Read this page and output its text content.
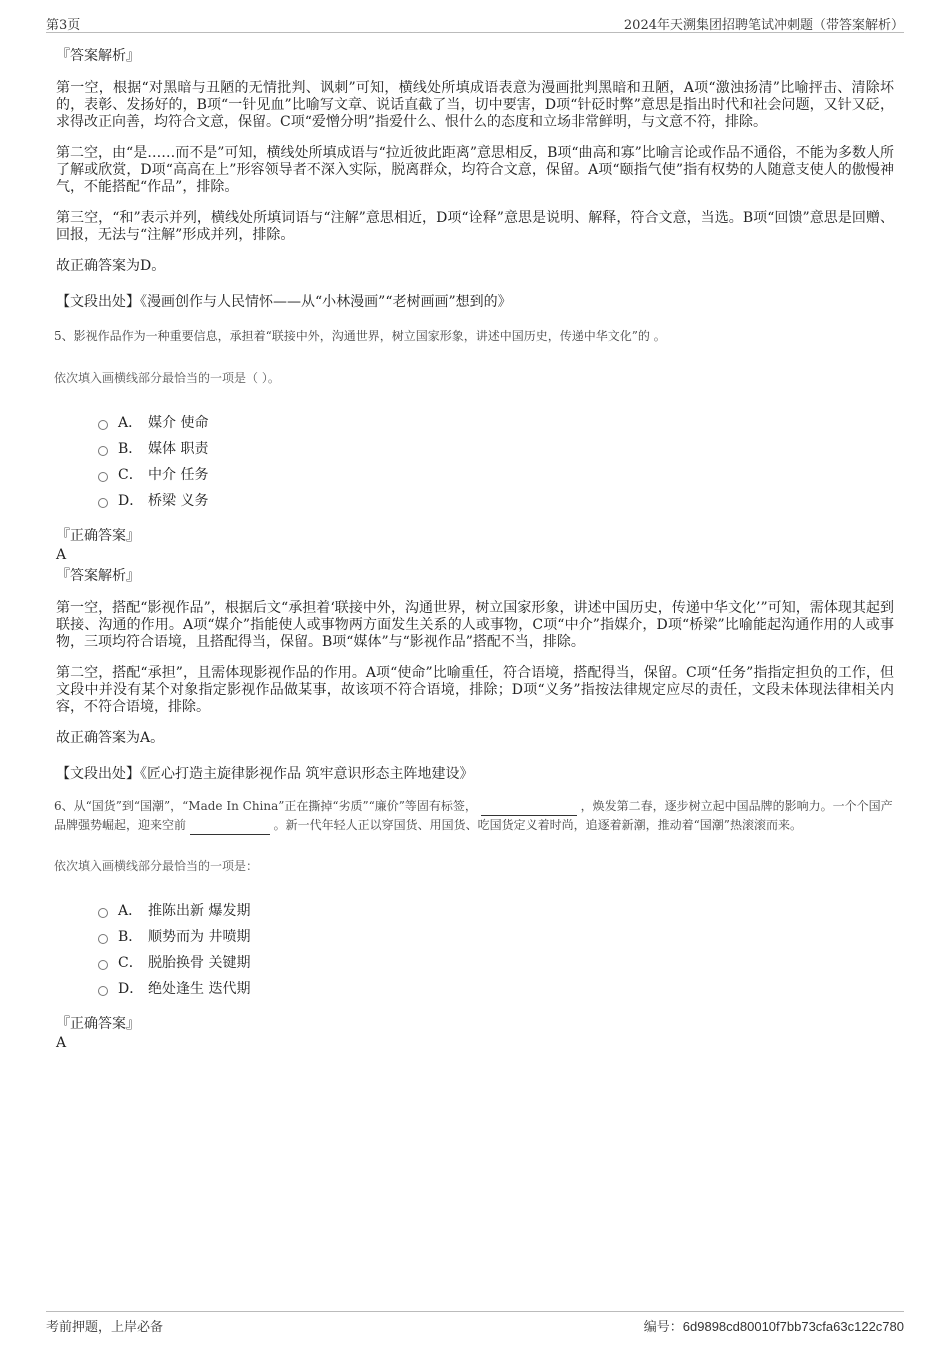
第3页	2024年天溯集团招聘笔试冲刺题（带答案解析）
『答案解析』

第一空，根据“对黑暗与丑陋的无情批判、讽刺”可知，横线处所填成语表意为漫画批判黑暗和丑陋，A项“激浊扬清”比喻抨击、清除坏的，表彰、发扬好的，B项“一针见血”比喻写文章、说话直截了当，切中要害，D项“针砭时弊”意思是指出时代和社会问题，又针又砭，求得改正向善，均符合文意，保留。C项“爱憎分明”指爱什么、恨什么的态度和立场非常鲜明，与文意不符，排除。

第二空，由“是……而不是”可知，横线处所填成语与“拉近彼此距离”意思相反，B项“曲高和寡”比喻言论或作品不通俗，不能为多数人所了解或欣赏，D项“高高在上”形容领导者不深入实际，脱离群众，均符合文意，保留。A项“颐指气使”指有权势的人随意支使人的傲慢神气，不能搭配“作品”，排除。

第三空，“和”表示并列，横线处所填词语与“注解”意思相近，D项“诠释”意思是说明、解释，符合文意，当选。B项“回馈”意思是回赠、回报，无法与“注解”形成并列，排除。

故正确答案为D。

【文段出处】《漫画创作与人民情怀——从“小林漫画”“老树画画”想到的》
5、影视作品作为一种重要信息，承担着“联接中外，沟通世界，树立国家形象，讲述中国历史，传递中华文化”的 。
依次填入画横线部分最恰当的一项是（ ）。
A． 媒介 使命
B． 媒体 职责
C． 中介 任务
D． 桥梁 义务
『正确答案』
A
『答案解析』

第一空，搭配“影视作品”，根据后文“承担着‘联接中外，沟通世界，树立国家形象，讲述中国历史，传递中华文化’”可知，需体现其起到联接、沟通的作用。A项“媒介”指能使人或事物两方面发生关系的人或事物，C项“中介”指媒介，D项“桥梁”比喻能起沟通作用的人或事物，三项均符合语境，且搭配得当，保留。B项“媒体”与“影视作品”搭配不当，排除。

第二空，搭配“承担”，且需体现影视作品的作用。A项“使命”比喻重任，符合语境，搭配得当，保留。C项“任务”指指定担负的工作，但文段中并没有某个对象指定影视作品做某事，故该项不符合语境，排除；D项“义务”指按法律规定应尽的责任，文段未体现法律相关内容，不符合语境，排除。

故正确答案为A。

【文段出处】《匠心打造主旋律影视作品 筑牢意识形态主阵地建设》
6、从“国货”到“国潮”，“Made In China”正在撕掉“劣质”“廉价”等固有标签，	，焕发第二春，逐步树立起中国品牌的影响力。一个个国产品牌强势崛起，迎来空前	。新一代年轻人正以穿国货、用国货、吃国货定义着时尚，追逐着新潮，推动着“国潮”热滚滚而来。
依次填入画横线部分最恰当的一项是：
A． 推陈出新 爆发期
B． 顺势而为 井喷期
C． 脱胎换骨 关键期
D． 绝处逢生 迭代期
『正确答案』
A
考前押题，上岸必备	编号：6d9898cd80010f7bb73cfa63c122c780
